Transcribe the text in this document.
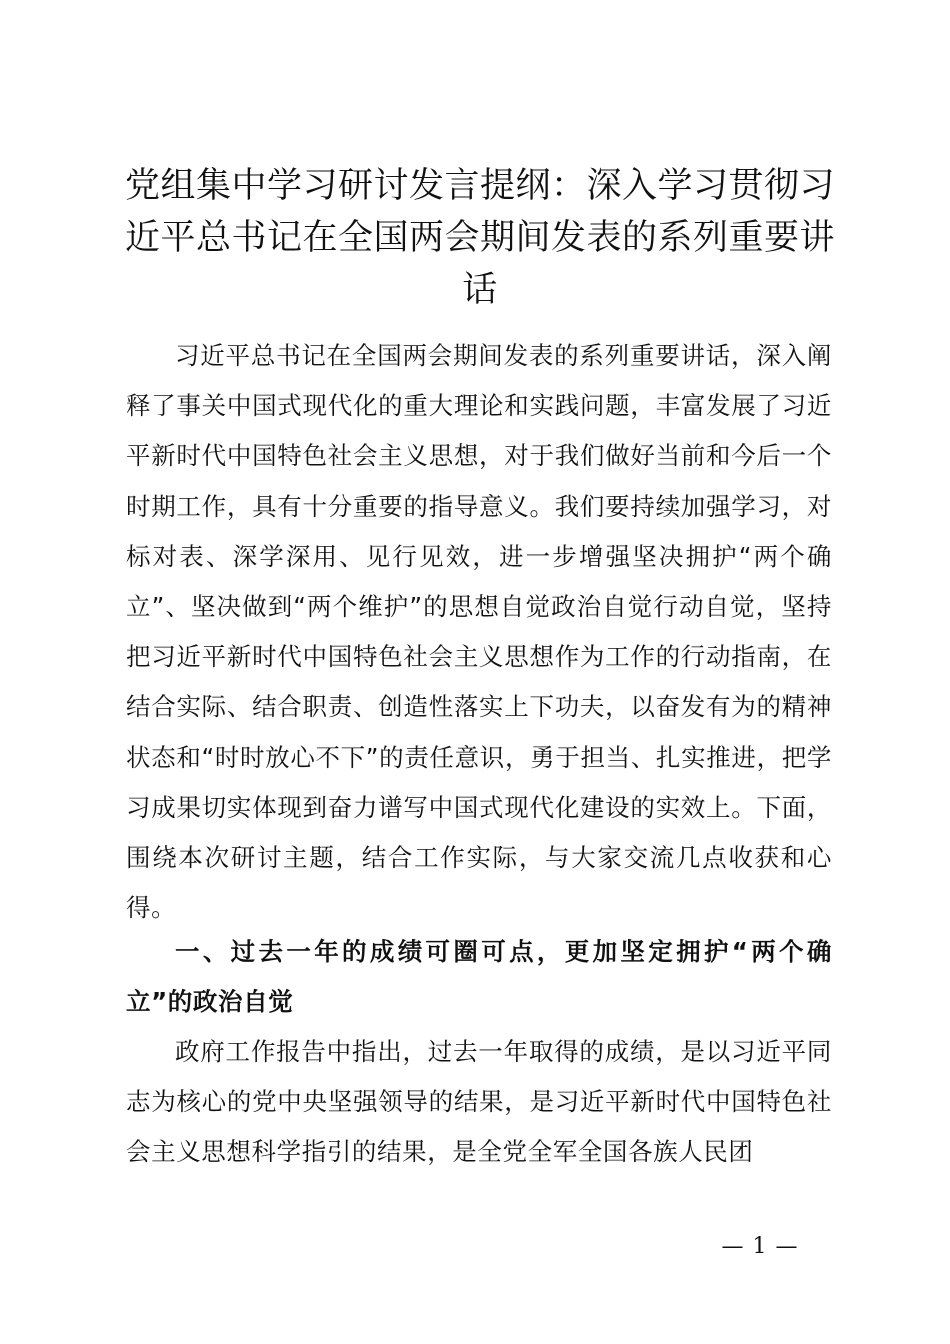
党组集中学习研讨发言提纲：深入学习贯彻习近平总书记在全国两会期间发表的系列重要讲话

习近平总书记在全国两会期间发表的系列重要讲话，深入阐释了事关中国式现代化的重大理论和实践问题，丰富发展了习近平新时代中国特色社会主义思想，对于我们做好当前和今后一个时期工作，具有十分重要的指导意义。我们要持续加强学习，对标对表、深学深用、见行见效，进一步增强坚决拥护“两个确立”、坚决做到“两个维护”的思想自觉政治自觉行动自觉，坚持把习近平新时代中国特色社会主义思想作为工作的行动指南，在结合实际、结合职责、创造性落实上下功夫，以奋发有为的精神状态和“时时放心不下”的责任意识，勇于担当、扎实推进，把学习成果切实体现到奋力谱写中国式现代化建设的实效上。下面，围绕本次研讨主题，结合工作实际，与大家交流几点收获和心得。

一、过去一年的成绩可圈可点，更加坚定拥护“两个确立”的政治自觉

政府工作报告中指出，过去一年取得的成绩，是以习近平同志为核心的党中央坚强领导的结果，是习近平新时代中国特色社会主义思想科学指引的结果，是全党全军全国各族人民团

— 1 —
